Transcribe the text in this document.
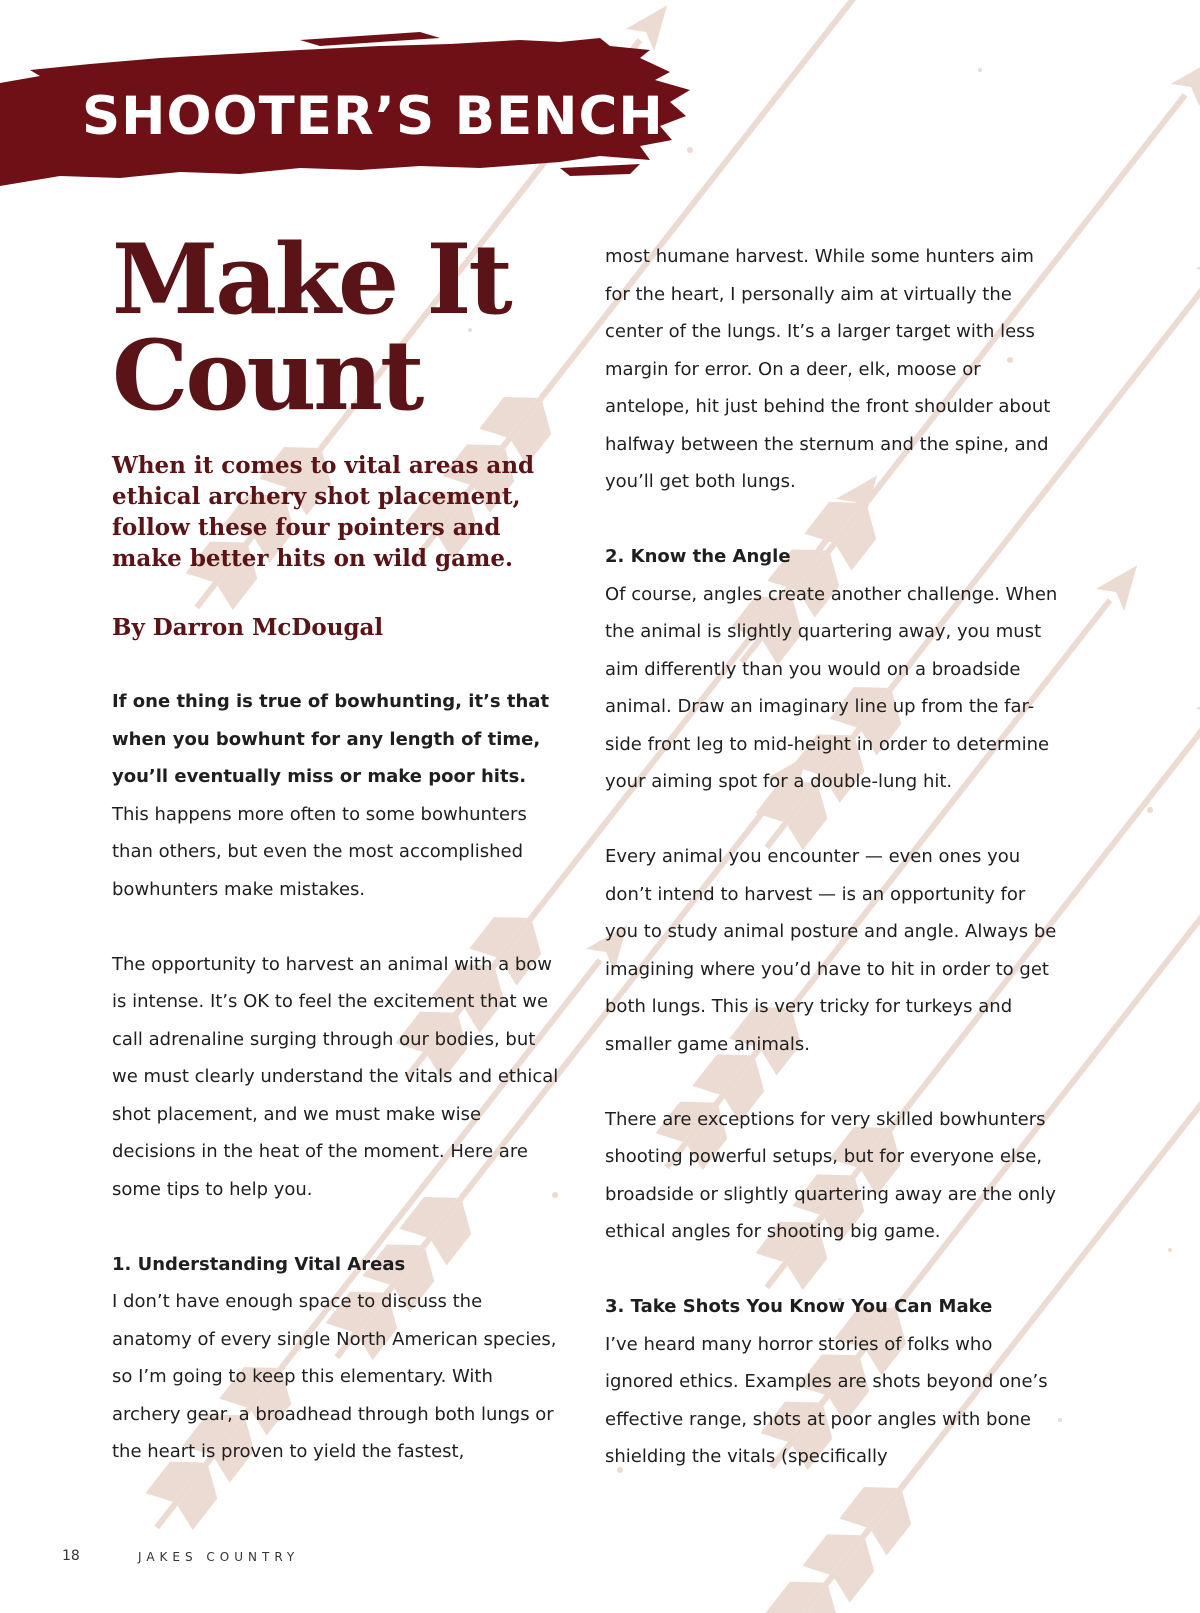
SHOOTER’S BENCH
Make It
Count

When it comes to vital areas and ethical archery shot placement, follow these four pointers and make better hits on wild game.

By Darron McDougal

If one thing is true of bowhunting, it’s that when you bowhunt for any length of time, you’ll eventually miss or make poor hits. This happens more often to some bowhunters than others, but even the most accomplished bowhunters make mistakes.

The opportunity to harvest an animal with a bow is intense. It’s OK to feel the excitement that we call adrenaline surging through our bodies, but we must clearly understand the vitals and ethical shot placement, and we must make wise decisions in the heat of the moment. Here are some tips to help you.

1. Understanding Vital Areas
I don’t have enough space to discuss the anatomy of every single North American species, so I’m going to keep this elementary. With archery gear, a broadhead through both lungs or the heart is proven to yield the fastest,

most humane harvest. While some hunters aim for the heart, I personally aim at virtually the center of the lungs. It’s a larger target with less margin for error. On a deer, elk, moose or antelope, hit just behind the front shoulder about halfway between the sternum and the spine, and you’ll get both lungs.

2. Know the Angle
Of course, angles create another challenge. When the animal is slightly quartering away, you must aim differently than you would on a broadside animal. Draw an imaginary line up from the far-side front leg to mid-height in order to determine your aiming spot for a double-lung hit.

Every animal you encounter — even ones you don’t intend to harvest — is an opportunity for you to study animal posture and angle. Always be imagining where you’d have to hit in order to get both lungs. This is very tricky for turkeys and smaller game animals.

There are exceptions for very skilled bowhunters shooting powerful setups, but for everyone else, broadside or slightly quartering away are the only ethical angles for shooting big game.

3. Take Shots You Know You Can Make
I’ve heard many horror stories of folks who ignored ethics. Examples are shots beyond one’s effective range, shots at poor angles with bone shielding the vitals (specifically

18	JAKES COUNTRY
